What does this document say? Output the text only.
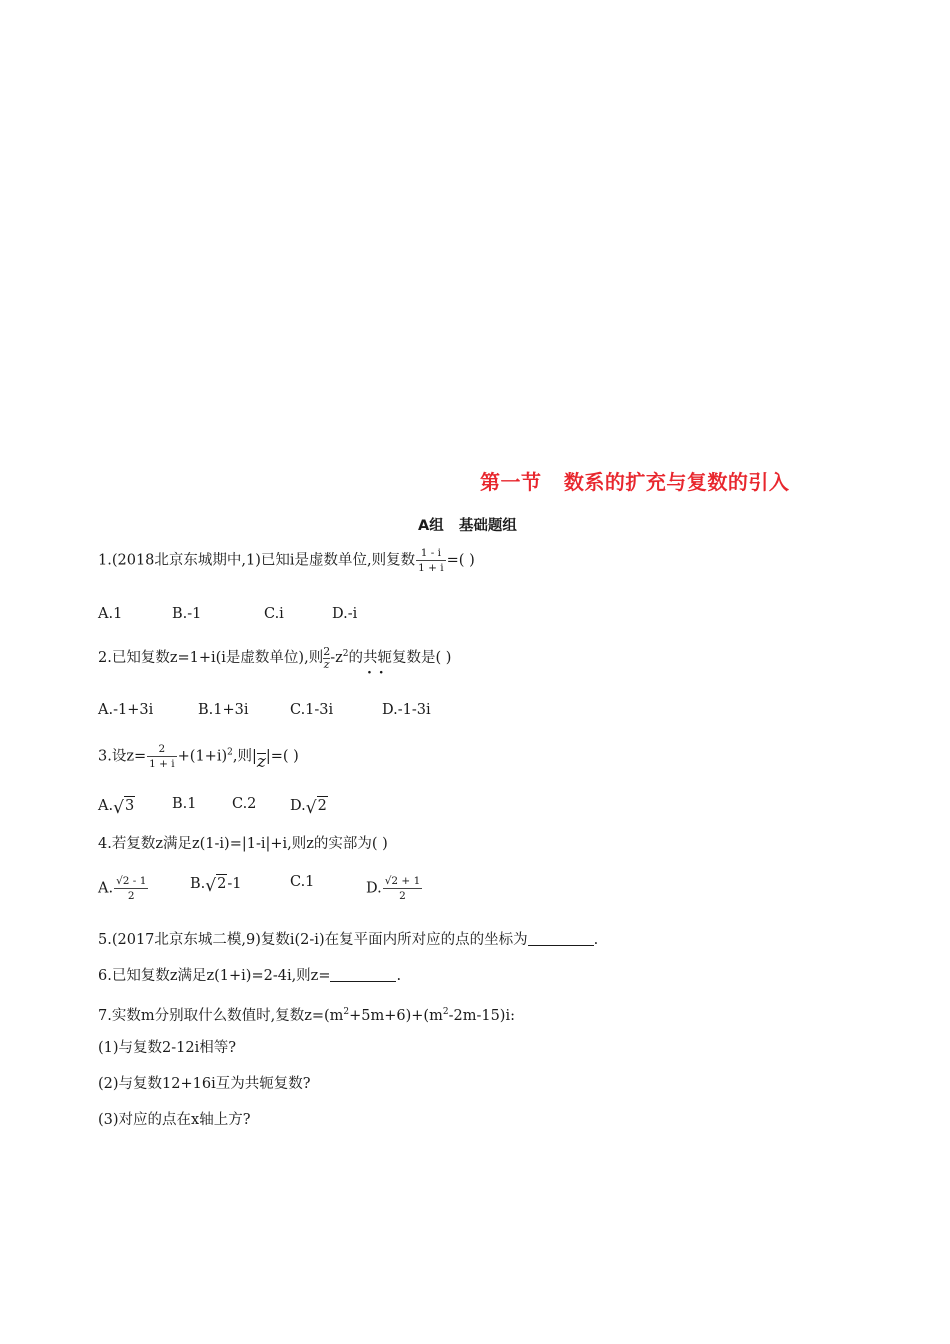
第一节   数系的扩充与复数的引入
A组   基础题组
1.(2018北京东城期中,1)已知i是虚数单位,则复数 $\frac{1 - i}{1 + i}$ =( )
A.1	B.-1	C.i	D.-i
2.已知复数z=1+i(i是虚数单位),则 $\frac{2}{z} -z^2$的共轭 · ·复数是( )
A.-1+3i	B.1+3i	C.1-3i	D.-1-3i
3.设$z= \frac{2}{1 + i} +(1+i)^2$,则|z|=( )
A.√3	B.1 C.2 D.√2
4.若复数z满足z(1-i)=|1-i|+i,则z的实部为( )
A. $\frac{√2 - 1}{2}$	B.√2-1	C.1	D. $\frac{√2 + 1}{2}$
5.(2017北京东城二模,9)复数i(2-i)在复平面内所对应的点的坐标为	.
6.已知复数z满足z(1+i)=2-4i,则z=	.
7.实数m分别取什么数值时,复数$z=(m^2+5m+6)+(m^2-2m-15)i$:
(1)与复数2-12i相等?
(2)与复数12+16i互为共轭复数?
(3)对应的点在x轴上方?
